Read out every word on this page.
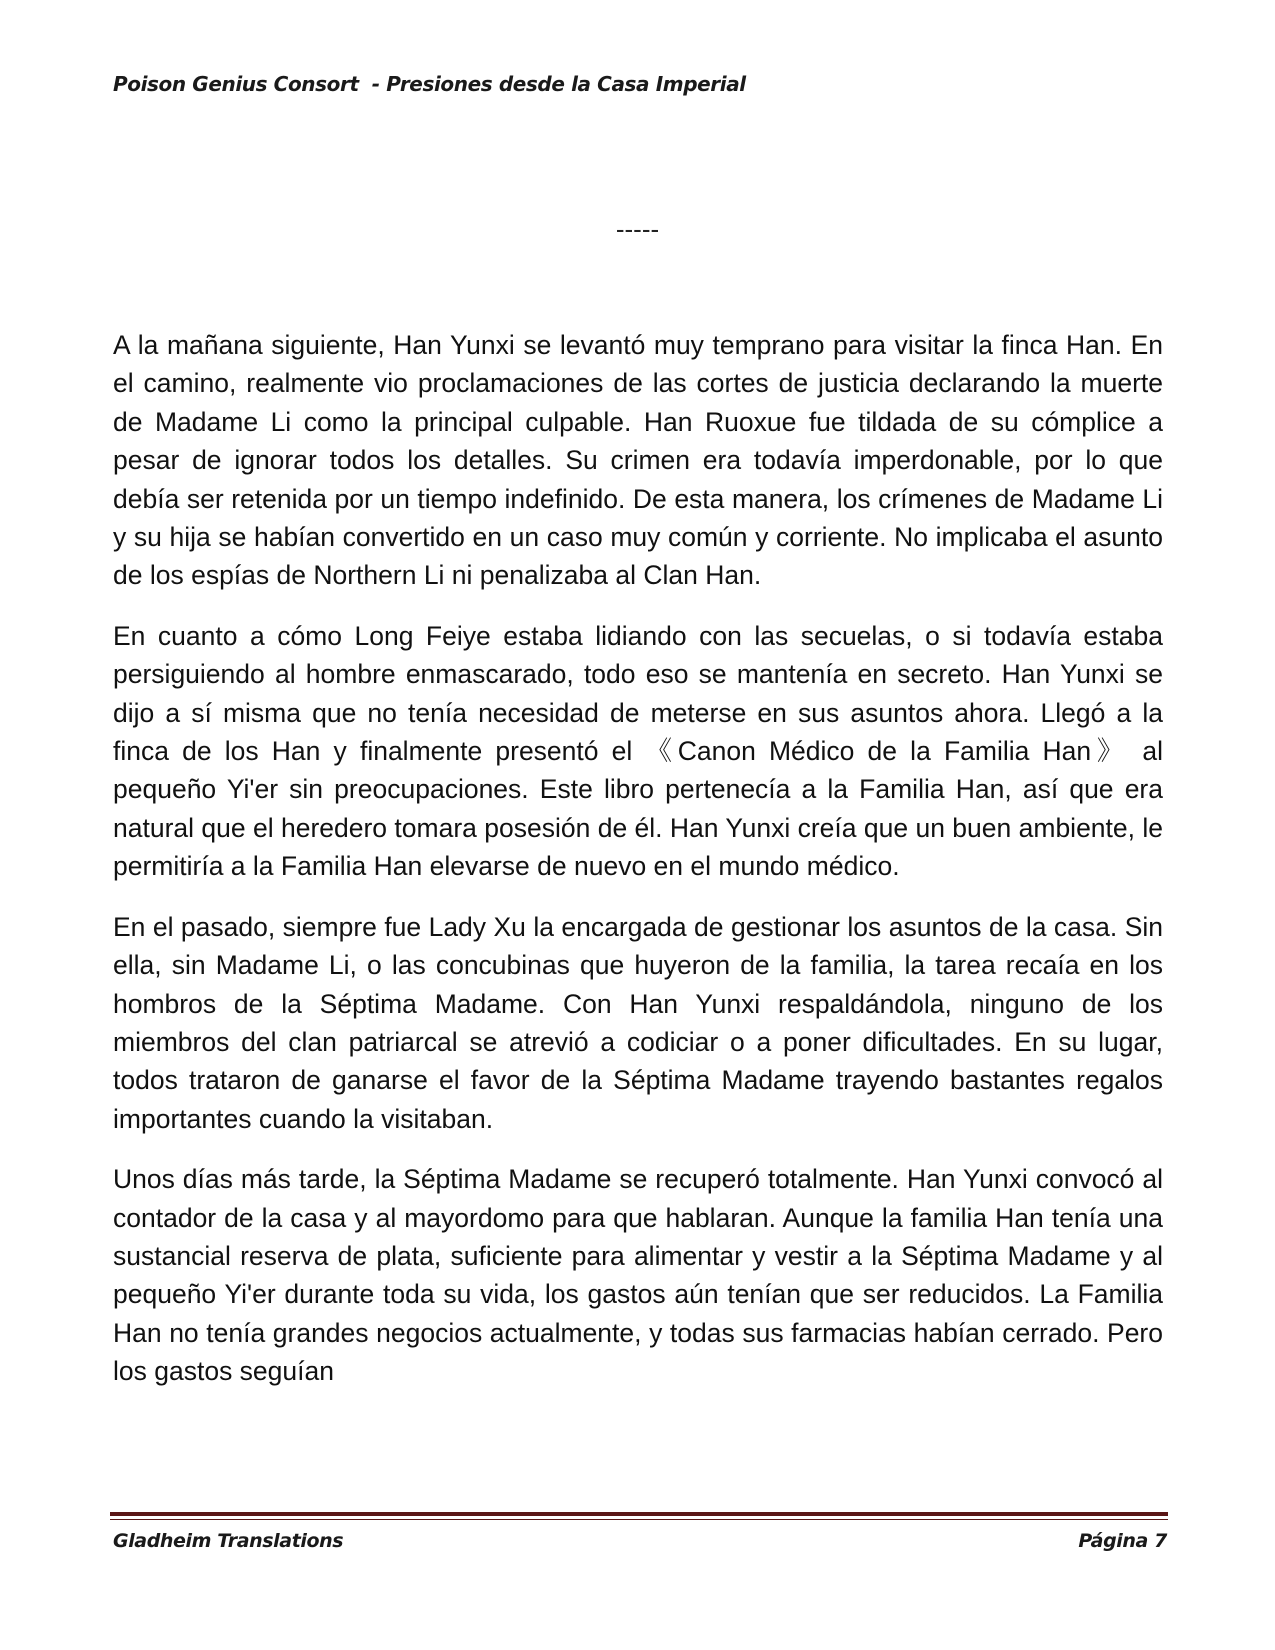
Poison Genius Consort  - Presiones desde la Casa Imperial
-----

A la mañana siguiente, Han Yunxi se levantó muy temprano para visitar la finca Han. En el camino, realmente vio proclamaciones de las cortes de justicia declarando la muerte de Madame Li como la principal culpable. Han Ruoxue fue tildada de su cómplice a pesar de ignorar todos los detalles. Su crimen era todavía imperdonable, por lo que debía ser retenida por un tiempo indefinido. De esta manera, los crímenes de Madame Li y su hija se habían convertido en un caso muy común y corriente. No implicaba el asunto de los espías de Northern Li ni penalizaba al Clan Han.

En cuanto a cómo Long Feiye estaba lidiando con las secuelas, o si todavía estaba persiguiendo al hombre enmascarado, todo eso se mantenía en secreto. Han Yunxi se dijo a sí misma que no tenía necesidad de meterse en sus asuntos ahora. Llegó a la finca de los Han y finalmente presentó el 《Canon Médico de la Familia Han》 al pequeño Yi'er sin preocupaciones. Este libro pertenecía a la Familia Han, así que era natural que el heredero tomara posesión de él. Han Yunxi creía que un buen ambiente, le permitiría a la Familia Han elevarse de nuevo en el mundo médico.

En el pasado, siempre fue Lady Xu la encargada de gestionar los asuntos de la casa. Sin ella, sin Madame Li, o las concubinas que huyeron de la familia, la tarea recaía en los hombros de la Séptima Madame. Con Han Yunxi respaldándola, ninguno de los miembros del clan patriarcal se atrevió a codiciar o a poner dificultades. En su lugar, todos trataron de ganarse el favor de la Séptima Madame trayendo bastantes regalos importantes cuando la visitaban.

Unos días más tarde, la Séptima Madame se recuperó totalmente. Han Yunxi convocó al contador de la casa y al mayordomo para que hablaran. Aunque la familia Han tenía una sustancial reserva de plata, suficiente para alimentar y vestir a la Séptima Madame y al pequeño Yi'er durante toda su vida, los gastos aún tenían que ser reducidos. La Familia Han no tenía grandes negocios actualmente, y todas sus farmacias habían cerrado. Pero los gastos seguían

Gladheim Translations	Página 7
